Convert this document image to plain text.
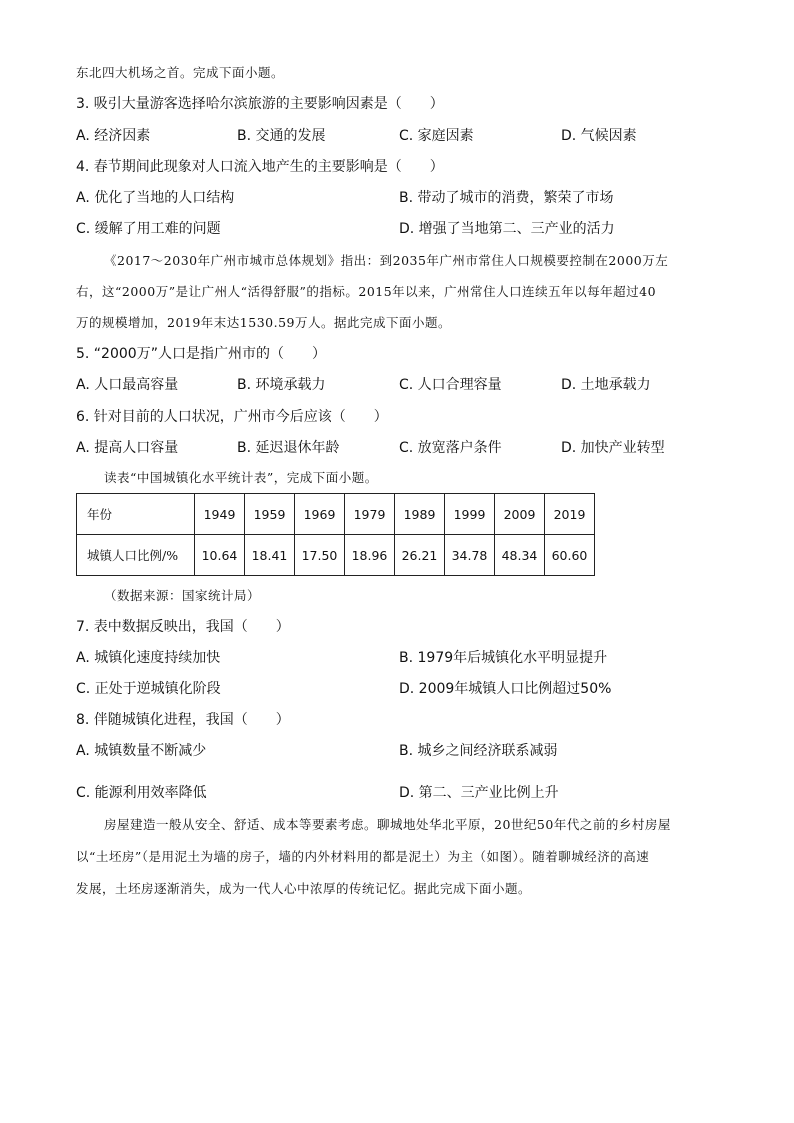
东北四大机场之首。完成下面小题。
3. 吸引大量游客选择哈尔滨旅游的主要影响因素是（　　）
A. 经济因素	B. 交通的发展	C. 家庭因素	D. 气候因素
4. 春节期间此现象对人口流入地产生的主要影响是（　　）
A. 优化了当地的人口结构	B. 带动了城市的消费，繁荣了市场
C. 缓解了用工难的问题	D. 增强了当地第二、三产业的活力
《2017～2030年广州市城市总体规划》指出：到2035年广州市常住人口规模要控制在2000万左
右，这“2000万”是让广州人“活得舒服”的指标。2015年以来，广州常住人口连续五年以每年超过40
万的规模增加，2019年末达1530.59万人。据此完成下面小题。
5. “2000万”人口是指广州市的（　　）
A. 人口最高容量	B. 环境承载力	C. 人口合理容量	D. 土地承载力
6. 针对目前的人口状况，广州市今后应该（　　）
A. 提高人口容量	B. 延迟退休年龄	C. 放宽落户条件	D. 加快产业转型
读表“中国城镇化水平统计表”，完成下面小题。
年份	1949	1959	1969	1979	1989	1999	2009	2019
城镇人口比例/%	10.64	18.41	17.50	18.96	26.21	34.78	48.34	60.60
（数据来源：国家统计局）
7. 表中数据反映出，我国（　　）
A. 城镇化速度持续加快	B. 1979年后城镇化水平明显提升
C. 正处于逆城镇化阶段	D. 2009年城镇人口比例超过50%
8. 伴随城镇化进程，我国（　　）
A. 城镇数量不断减少	B. 城乡之间经济联系减弱
C. 能源利用效率降低	D. 第二、三产业比例上升
房屋建造一般从安全、舒适、成本等要素考虑。聊城地处华北平原，20世纪50年代之前的乡村房屋
以“土坯房”（是用泥土为墙的房子，墙的内外材料用的都是泥土）为主（如图）。随着聊城经济的高速
发展，土坯房逐渐消失，成为一代人心中浓厚的传统记忆。据此完成下面小题。
